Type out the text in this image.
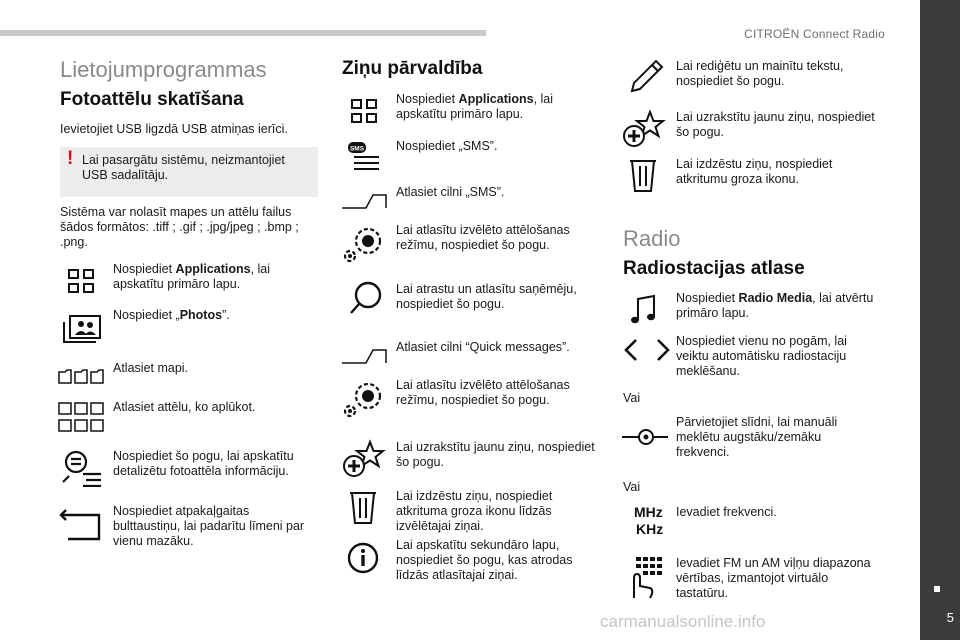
CITROËN Connect Radio
5
carmanualsonline.info
Lietojumprogrammas
Fotoattēlu skatīšana
Ievietojiet USB ligzdā USB atmiņas ierīci.
! Lai pasargātu sistēmu, neizmantojiet USB sadalītāju.
Sistēma var nolasīt mapes un attēlu failus šādos formātos: .tiff ; .gif ; .jpg/jpeg ; .bmp ; .png.
Nospiediet Applications, lai apskatītu primāro lapu.
Nospiediet „Photos”.
Atlasiet mapi.
Atlasiet attēlu, ko aplūkot.
Nospiediet šo pogu, lai apskatītu detalizētu fotoattēla informāciju.
Nospiediet atpakaļgaitas bulttaustiņu, lai padarītu līmeni par vienu mazāku.
Ziņu pārvaldība
Nospiediet Applications, lai apskatītu primāro lapu.
SMS	Nospiediet „SMS”.
Atlasiet cilni „SMS”.
Lai atlasītu izvēlēto attēlošanas režīmu, nospiediet šo pogu.
Lai atrastu un atlasītu saņēmēju, nospiediet šo pogu.
Atlasiet cilni “Quick messages”.
Lai atlasītu izvēlēto attēlošanas režīmu, nospiediet šo pogu.
Lai uzrakstītu jaunu ziņu, nospiediet šo pogu.
Lai izdzēstu ziņu, nospiediet atkrituma groza ikonu līdzās izvēlētajai ziņai.
Lai apskatītu sekundāro lapu, nospiediet šo pogu, kas atrodas līdzās atlasītajai ziņai.
Lai rediģētu un mainītu tekstu, nospiediet šo pogu.
Lai uzrakstītu jaunu ziņu, nospiediet šo pogu.
Lai izdzēstu ziņu, nospiediet atkritumu groza ikonu.
Radio
Radiostacijas atlase
Nospiediet Radio Media, lai atvērtu primāro lapu.
Nospiediet vienu no pogām, lai veiktu automātisku radiostaciju meklēšanu.
Vai
Pārvietojiet slīdni, lai manuāli meklētu augstāku/zemāku frekvenci.
Vai
MHz
KHz
Ievadiet frekvenci.
Ievadiet FM un AM viļņu diapazona vērtības, izmantojot virtuālo tastatūru.
